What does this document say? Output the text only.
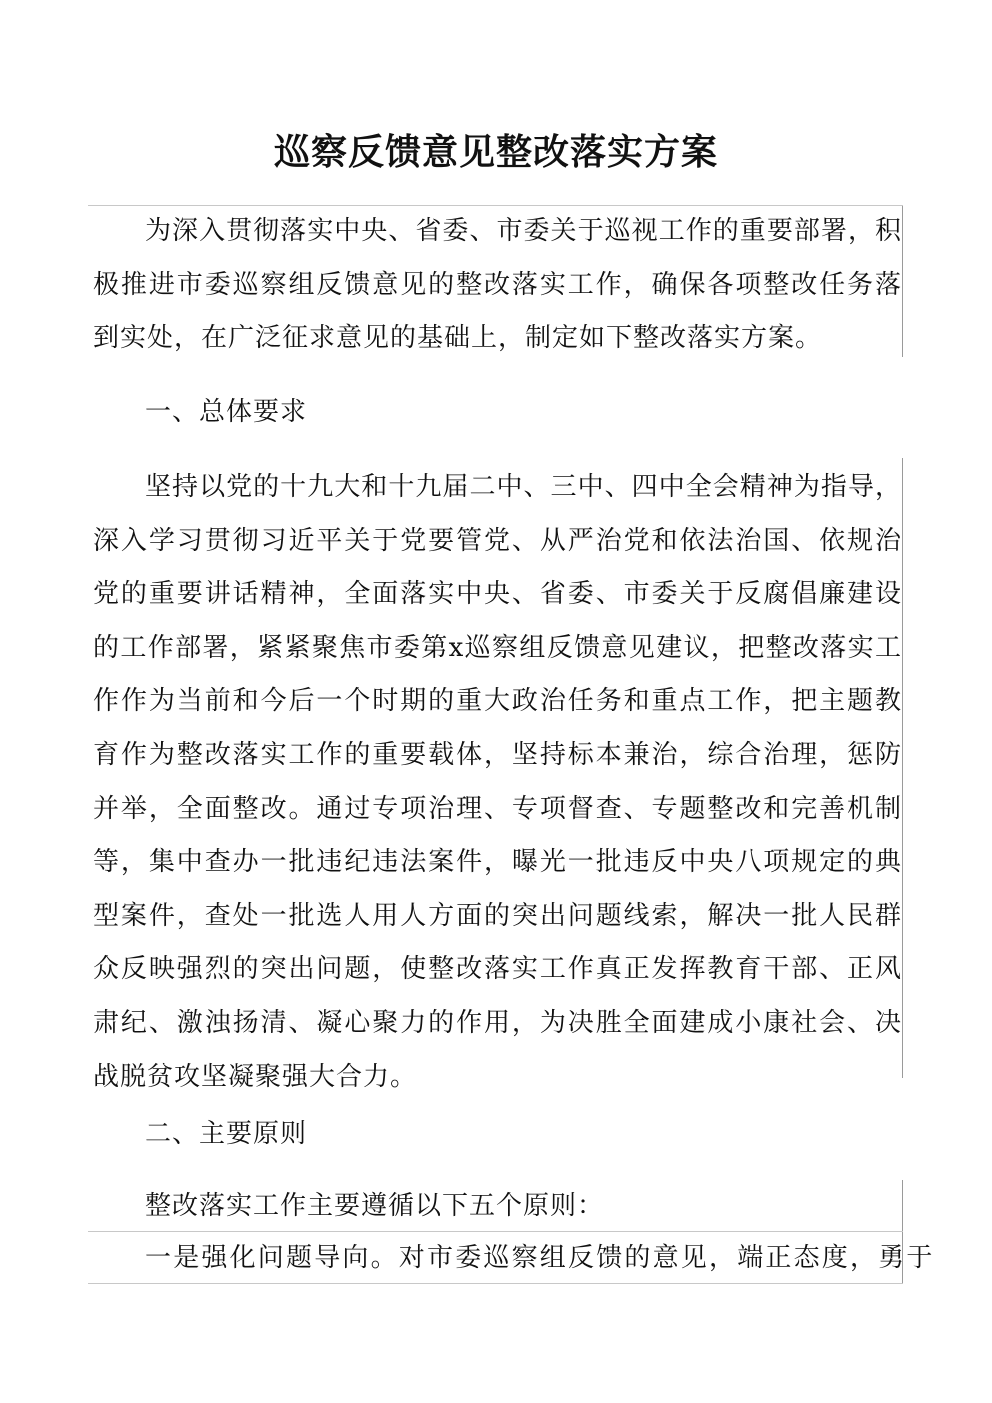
巡察反馈意见整改落实方案

为深入贯彻落实中央、省委、市委关于巡视工作的重要部署，积极推进市委巡察组反馈意见的整改落实工作，确保各项整改任务落到实处，在广泛征求意见的基础上，制定如下整改落实方案。

一、总体要求

坚持以党的十九大和十九届二中、三中、四中全会精神为指导，深入学习贯彻习近平关于党要管党、从严治党和依法治国、依规治党的重要讲话精神，全面落实中央、省委、市委关于反腐倡廉建设的工作部署，紧紧聚焦市委第x巡察组反馈意见建议，把整改落实工作作为当前和今后一个时期的重大政治任务和重点工作，把主题教育作为整改落实工作的重要载体，坚持标本兼治，综合治理，惩防并举，全面整改。通过专项治理、专项督查、专题整改和完善机制等，集中查办一批违纪违法案件，曝光一批违反中央八项规定的典型案件，查处一批选人用人方面的突出问题线索，解决一批人民群众反映强烈的突出问题，使整改落实工作真正发挥教育干部、正风肃纪、激浊扬清、凝心聚力的作用，为决胜全面建成小康社会、决战脱贫攻坚凝聚强大合力。

二、主要原则

整改落实工作主要遵循以下五个原则：

一是强化问题导向。对市委巡察组反馈的意见，端正态度，勇于
